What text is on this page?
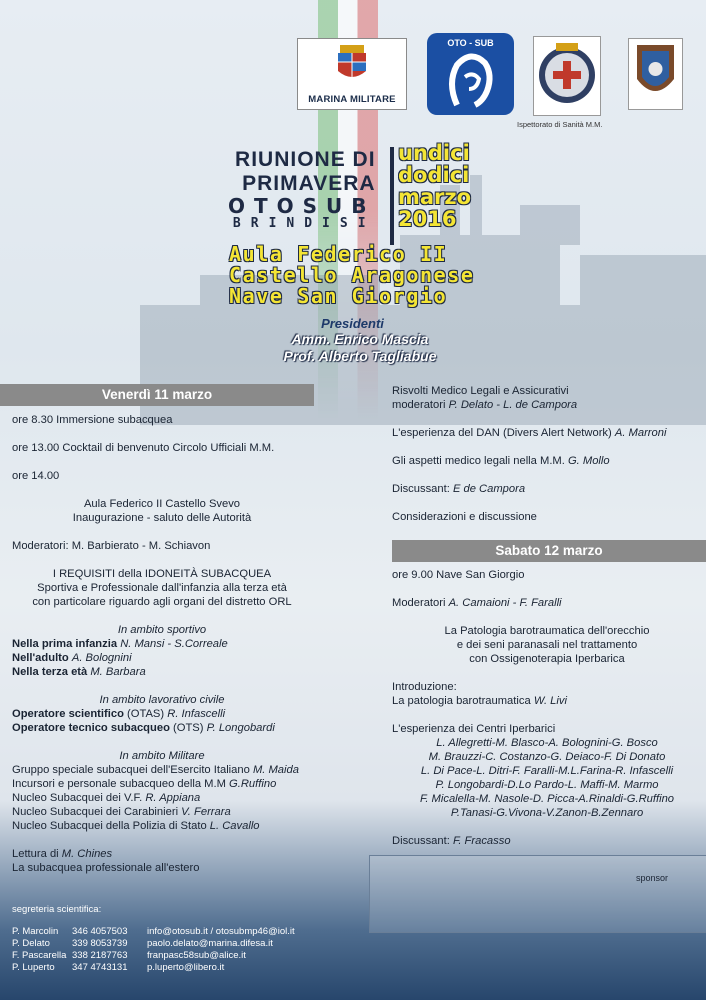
MARINA MILITARE
OTO - SUB
Ispettorato di Sanità M.M.
RIUNIONE DI
PRIMAVERA
OTOSUB
BRINDISI
undici
dodici
marzo
2016
Aula Federico II
Castello Aragonese
Nave San Giorgio
Presidenti
Amm. Enrico Mascia
Prof. Alberto Tagliabue
Venerdì 11 marzo
Sabato 12 marzo

ore 8.30 Immersione subacquea

ore 13.00 Cocktail di benvenuto Circolo Ufficiali M.M.

ore 14.00

Aula Federico II Castello Svevo

Inaugurazione - saluto delle Autorità

Moderatori: M. Barbierato - M. Schiavon

I REQUISITI della IDONEITÀ SUBACQUEA

Sportiva e Professionale dall'infanzia alla terza età

con particolare riguardo agli organi del distretto ORL

In ambito sportivo

Nella prima infanzia N. Mansi - S.Correale

Nell'adulto A. Bolognini

Nella terza età M. Barbara

In ambito lavorativo civile

Operatore scientifico (OTAS) R. Infascelli

Operatore tecnico subacqueo (OTS) P. Longobardi

In ambito Militare

Gruppo speciale subacquei dell'Esercito Italiano M. Maida

Incursori e personale subacqueo della M.M G.Ruffino

Nucleo Subacquei dei V.F. R. Appiana

Nucleo Subacquei dei Carabinieri V. Ferrara

Nucleo Subacquei della Polizia di Stato L. Cavallo

Lettura di M. Chines

La subacquea professionale all'estero

Risvolti Medico Legali e Assicurativi

moderatori P. Delato - L. de Campora

L'esperienza del DAN (Divers Alert Network) A. Marroni

Gli aspetti medico legali nella M.M. G. Mollo

Discussant: E de Campora

Considerazioni e discussione

ore 9.00 Nave San Giorgio

Moderatori A. Camaioni - F. Faralli

La Patologia barotraumatica dell'orecchio

e dei seni paranasali nel trattamento

con Ossigenoterapia Iperbarica

Introduzione:

La patologia barotraumatica W. Livi

L'esperienza dei Centri Iperbarici

L. Allegretti-M. Blasco-A. Bolognini-G. Bosco

M. Brauzzi-C. Costanzo-G. Deiaco-F. Di Donato

L. Di Pace-L. Ditri-F. Faralli-M.L.Farina-R. Infascelli

P. Longobardi-D.Lo Pardo-L. Maffi-M. Marmo

F. Micalella-M. Nasole-D. Picca-A.Rinaldi-G.Ruffino

P.Tanasi-G.Vivona-V.Zanon-B.Zennaro

Discussant: F. Fracasso

sponsor
segreteria scientifica:
P. Marcolin	346 4057503	info@otosub.it / otosubmp46@iol.it
P. Delato	339 8053739	paolo.delato@marina.difesa.it
F. Pascarella 338 2187763	franpasc58sub@alice.it
P. Luperto	347 4743131	p.luperto@libero.it
